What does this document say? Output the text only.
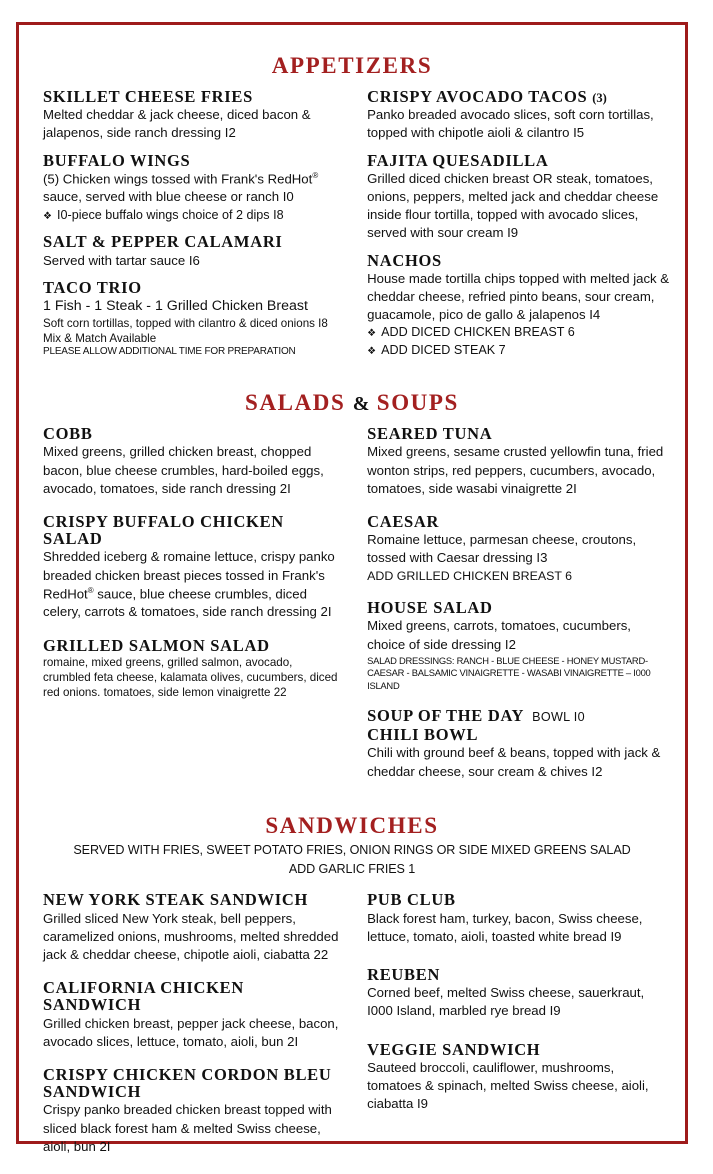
APPETIZERS
SKILLET CHEESE FRIES

Melted cheddar & jack cheese, diced bacon & jalapenos, side ranch dressing I2

BUFFALO WINGS

(5) Chicken wings tossed with Frank's RedHot® sauce, served with blue cheese or ranch I0

❖ I0-piece buffalo wings choice of 2 dips I8

SALT & PEPPER CALAMARI

Served with tartar sauce I6

TACO TRIO

1 Fish - 1 Steak - 1 Grilled Chicken Breast

Soft corn tortillas, topped with cilantro & diced onions I8

Mix & Match Available

PLEASE ALLOW ADDITIONAL TIME FOR PREPARATION

CRISPY AVOCADO TACOS (3)

Panko breaded avocado slices, soft corn tortillas, topped with chipotle aioli & cilantro I5

FAJITA QUESADILLA

Grilled diced chicken breast OR steak, tomatoes, onions, peppers, melted jack and cheddar cheese inside flour tortilla, topped with avocado slices, served with sour cream I9

NACHOS

House made tortilla chips topped with melted jack & cheddar cheese, refried pinto beans, sour cream, guacamole, pico de gallo & jalapenos I4

❖ ADD DICED CHICKEN BREAST 6

❖ ADD DICED STEAK 7

SALADS & SOUPS
COBB

Mixed greens, grilled chicken breast, chopped bacon, blue cheese crumbles, hard-boiled eggs, avocado, tomatoes, side ranch dressing 2I

CRISPY BUFFALO CHICKEN SALAD

Shredded iceberg & romaine lettuce, crispy panko breaded chicken breast pieces tossed in Frank's RedHot® sauce, blue cheese crumbles, diced celery, carrots & tomatoes, side ranch dressing 2I

GRILLED SALMON SALAD

romaine, mixed greens, grilled salmon, avocado, crumbled feta cheese, kalamata olives, cucumbers, diced red onions. tomatoes, side lemon vinaigrette 22

SEARED TUNA

Mixed greens, sesame crusted yellowfin tuna, fried wonton strips, red peppers, cucumbers, avocado, tomatoes, side wasabi vinaigrette 2I

CAESAR

Romaine lettuce, parmesan cheese, croutons, tossed with Caesar dressing I3

ADD GRILLED CHICKEN BREAST 6

HOUSE SALAD

Mixed greens, carrots, tomatoes, cucumbers, choice of side dressing I2

SALAD DRESSINGS: RANCH - BLUE CHEESE - HONEY MUSTARD-CAESAR - BALSAMIC VINAIGRETTE - WASABI VINAIGRETTE – I000 ISLAND

SOUP OF THE DAY BOWL I0
CHILI BOWL

Chili with ground beef & beans, topped with jack & cheddar cheese, sour cream & chives I2

SANDWICHES
SERVED WITH FRIES, SWEET POTATO FRIES, ONION RINGS OR SIDE MIXED GREENS SALAD
ADD GARLIC FRIES 1
NEW YORK STEAK SANDWICH

Grilled sliced New York steak, bell peppers, caramelized onions, mushrooms, melted shredded jack & cheddar cheese, chipotle aioli, ciabatta 22

CALIFORNIA CHICKEN SANDWICH

Grilled chicken breast, pepper jack cheese, bacon, avocado slices, lettuce, tomato, aioli, bun 2I

CRISPY CHICKEN CORDON BLEU SANDWICH

Crispy panko breaded chicken breast topped with sliced black forest ham & melted Swiss cheese, aioli, bun 2I

PUB CLUB

Black forest ham, turkey, bacon, Swiss cheese, lettuce, tomato, aioli, toasted white bread I9

REUBEN

Corned beef, melted Swiss cheese, sauerkraut, I000 Island, marbled rye bread I9

VEGGIE SANDWICH

Sauteed broccoli, cauliflower, mushrooms, tomatoes & spinach, melted Swiss cheese, aioli, ciabatta I9
